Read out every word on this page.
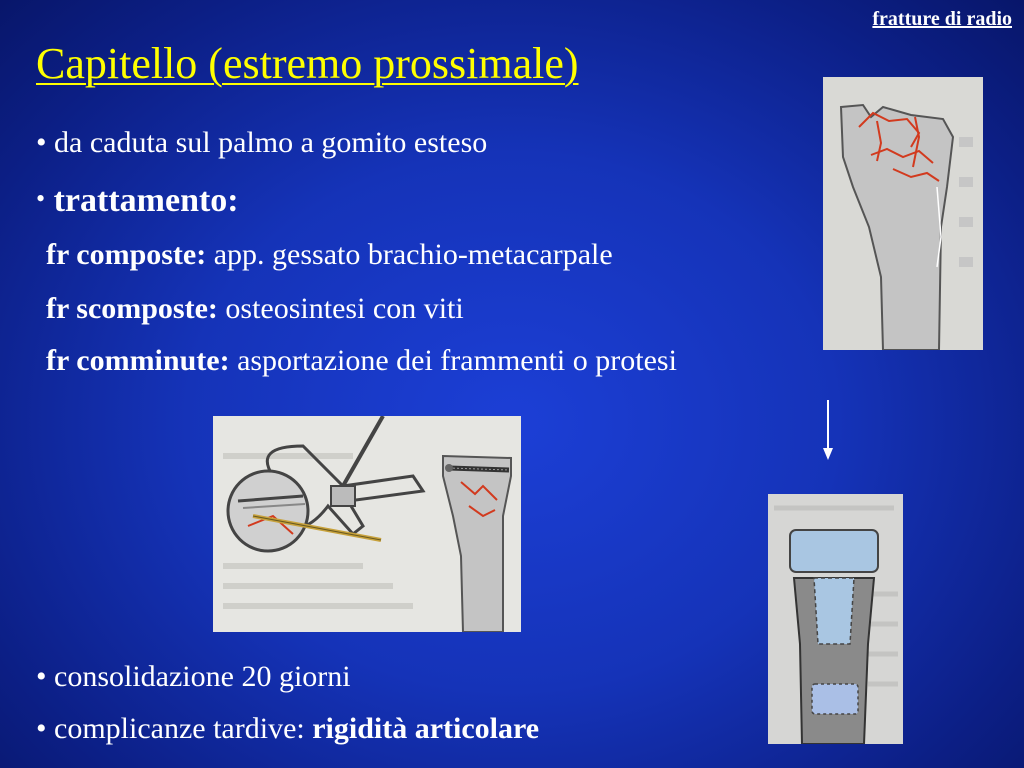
fratture di radio
Capitello (estremo prossimale)
• da caduta sul palmo a gomito esteso
• trattamento:
fr composte: app. gessato brachio-metacarpale
fr scomposte: osteosintesi con viti
fr comminute: asportazione dei frammenti o protesi
• consolidazione 20 giorni
• complicanze tardive: rigidità articolare
